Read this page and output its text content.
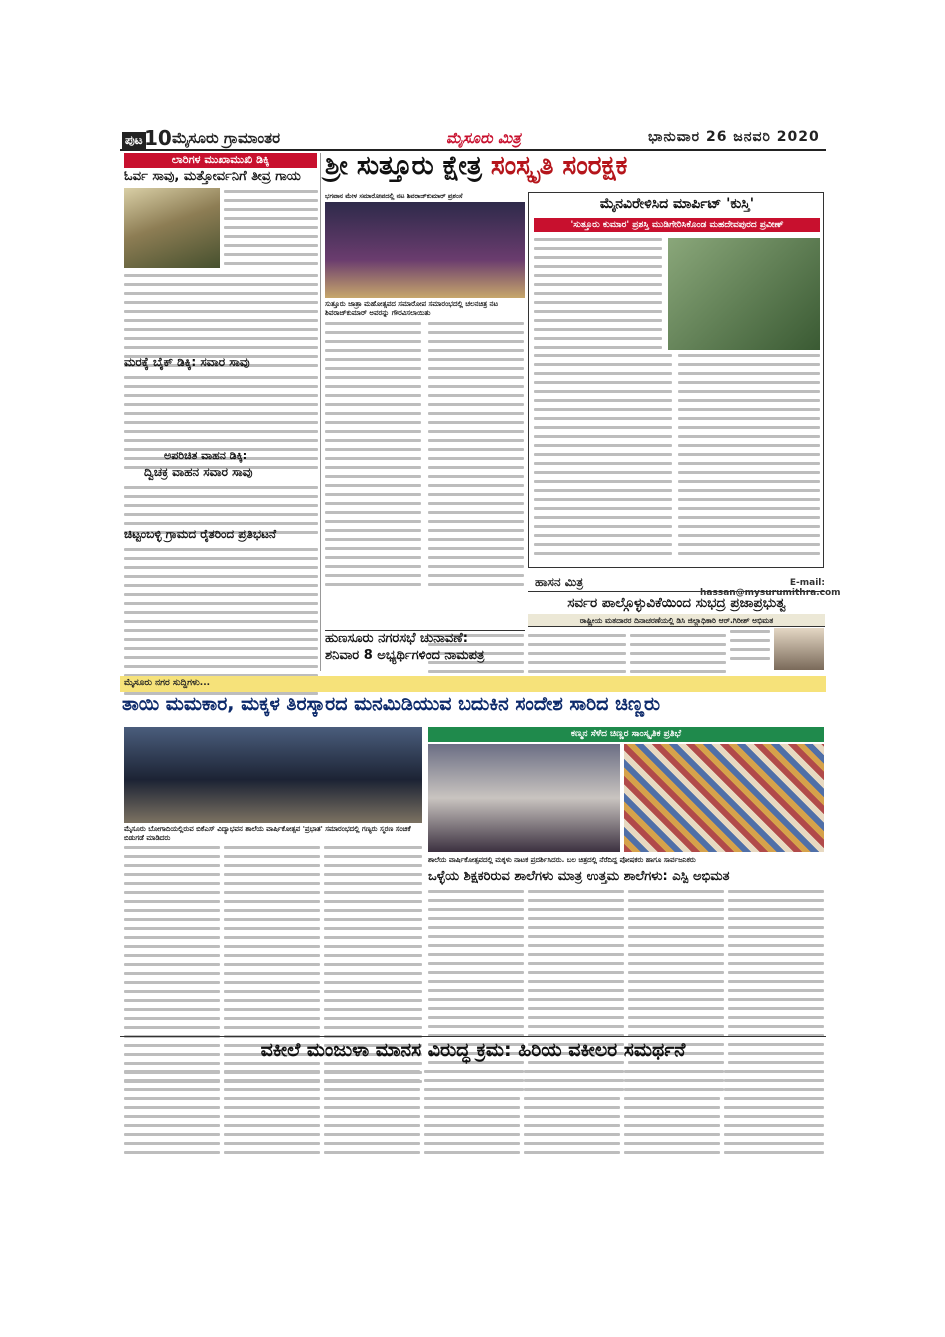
ಪುಟ 10 ಮೈಸೂರು ಗ್ರಾಮಾಂತರ	ಮೈಸೂರು ಮಿತ್ರ	ಭಾನುವಾರ 26 ಜನವರಿ 2020
ಲಾರಿಗಳ ಮುಖಾಮುಖಿ ಡಿಕ್ಕಿ
ಓರ್ವ ಸಾವು, ಮತ್ತೋರ್ವನಿಗೆ ತೀವ್ರ ಗಾಯ
ಮರಕ್ಕೆ ಬೈಕ್ ಡಿಕ್ಕಿ: ಸವಾರ ಸಾವು
ಅಪರಿಚಿತ ವಾಹನ ಡಿಕ್ಕಿ:
ದ್ವಿಚಕ್ರ ವಾಹನ ಸವಾರ ಸಾವು
ಚಿಟ್ಟಂಬಳ್ಳಿ ಗ್ರಾಮದ ರೈತರಿಂದ ಪ್ರತಿಭಟನೆ
ಶ್ರೀ ಸುತ್ತೂರು ಕ್ಷೇತ್ರ ಸಂಸ್ಕೃತಿ ಸಂರಕ್ಷಕ
ಭಗವಾನ ಮೇಳ ಸಮಾರೋಪದಲ್ಲಿ ನಟ ಶಿವರಾಜ್‌ಕುಮಾರ್ ಪ್ರಶಂಸೆ
ಸುತ್ತೂರು ಜಾತ್ರಾ ಮಹೋತ್ಸವದ ಸಮಾರೋಪ ಸಮಾರಂಭದಲ್ಲಿ ಚಲನಚಿತ್ರ ನಟ ಶಿವರಾಜ್‌ಕುಮಾರ್ ಅವರನ್ನು ಗೌರವಿಸಲಾಯಿತು
ಮೈನವಿರೇಳಿಸಿದ ಮಾರ್ಪಿಟ್ 'ಕುಸ್ತಿ'
'ಸುತ್ತೂರು ಕುಮಾರ' ಪ್ರಶಸ್ತಿ ಮುಡಿಗೇರಿಸಿಕೊಂಡ ಮಹದೇವಪುರದ ಪ್ರವೀಣ್
ಹಾಸನ ಮಿತ್ರ	E-mail: hassan@mysurumithra.com
ಸರ್ವರ ಪಾಲ್ಗೊಳ್ಳುವಿಕೆಯಿಂದ ಸುಭದ್ರ ಪ್ರಜಾಪ್ರಭುತ್ವ
ರಾಷ್ಟ್ರೀಯ ಮತದಾರರ ದಿನಾಚರಣೆಯಲ್ಲಿ ಡಿಸಿ ಜಿಲ್ಲಾಧಿಕಾರಿ ಆರ್.ಗಿರೀಶ್ ಅಭಿಮತ
ಹುಣಸೂರು ನಗರಸಭೆ ಚುನಾವಣೆ:
ಶನಿವಾರ 8 ಅಭ್ಯರ್ಥಿಗಳಿಂದ ನಾಮಪತ್ರ
ಮೈಸೂರು ನಗರ ಸುದ್ದಿಗಳು...
ತಾಯಿ ಮಮಕಾರ, ಮಕ್ಕಳ ತಿರಸ್ಕಾರದ ಮನಮಿಡಿಯುವ ಬದುಕಿನ ಸಂದೇಶ ಸಾರಿದ ಚಿಣ್ಣರು
ಮೈಸೂರು ಬೋಗಾದಿಯಲ್ಲಿರುವ ಬಿಕೆಎಸ್ ವಿದ್ಯಾಭವನ ಶಾಲೆಯ ವಾರ್ಷಿಕೋತ್ಸವ 'ಪ್ರಭಾತ' ಸಮಾರಂಭದಲ್ಲಿ ಗಣ್ಯರು ಸ್ಮರಣ ಸಂಚಿಕೆ ಬಿಡುಗಡೆ ಮಾಡಿದರು
ಕಣ್ಮನ ಸೆಳೆದ ಚಿಣ್ಣರ ಸಾಂಸ್ಕೃತಿಕ ಪ್ರತಿಭೆ
ಶಾಲೆಯ ವಾರ್ಷಿಕೋತ್ಸವದಲ್ಲಿ ಮಕ್ಕಳು ನಾಟಕ ಪ್ರದರ್ಶಿಸಿದರು. ಬಲ ಚಿತ್ರದಲ್ಲಿ ನೆರೆದಿದ್ದ ಪೋಷಕರು ಹಾಗೂ ಸಾರ್ವಜನಿಕರು
ಒಳ್ಳೆಯ ಶಿಕ್ಷಕರಿರುವ ಶಾಲೆಗಳು ಮಾತ್ರ ಉತ್ತಮ ಶಾಲೆಗಳು: ಎಸ್ಪಿ ಅಭಿಮತ
ವಕೀಲೆ ಮಂಜುಳಾ ಮಾನಸ ವಿರುದ್ಧ ಕ್ರಮ: ಹಿರಿಯ ವಕೀಲರ ಸಮರ್ಥನೆ
